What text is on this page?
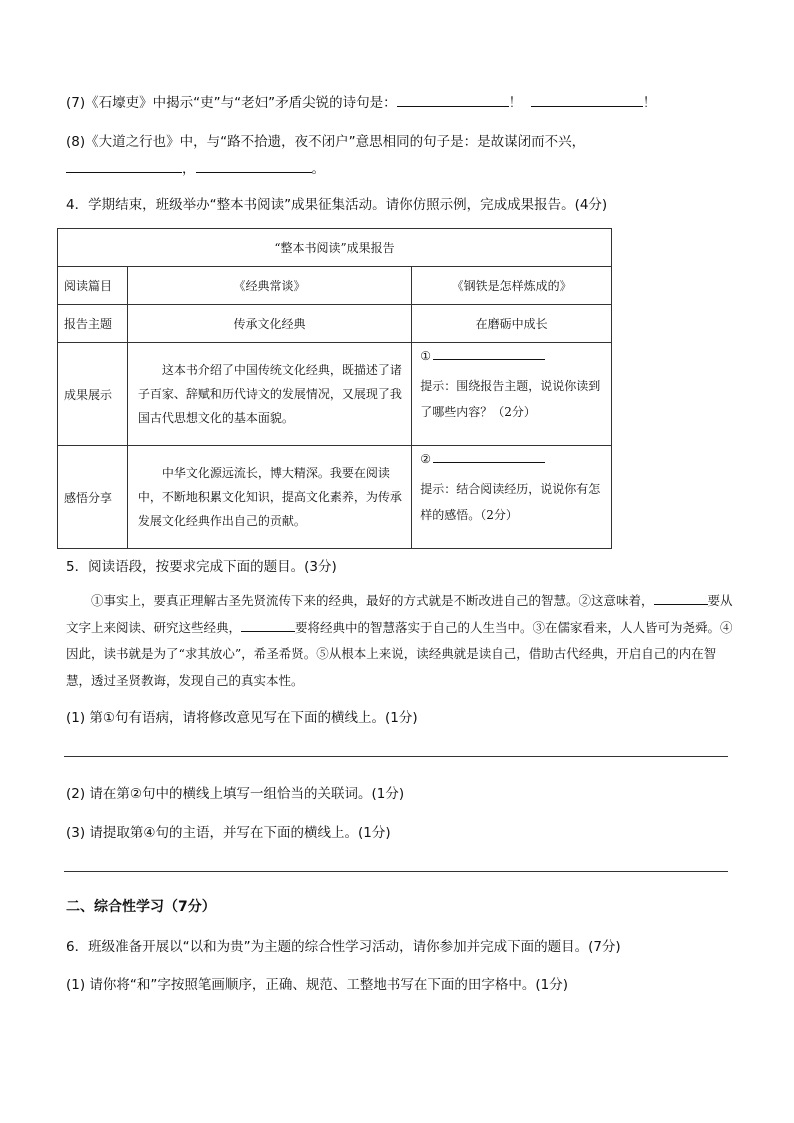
(7)《石壕吏》中揭示“吏”与“老妇”矛盾尖锐的诗句是：	！	！
(8)《大道之行也》中，与“路不拾遗，夜不闭户”意思相同的句子是：是故谋闭而不兴，
，	。
4．学期结束，班级举办“整本书阅读”成果征集活动。请你仿照示例，完成成果报告。(4分)
“整本书阅读”成果报告		
阅读篇目	《经典常谈》	《钢铁是怎样炼成的》
报告主题	传承文化经典	在磨砺中成长
成果展示	这本书介绍了中国传统文化经典，既描述了诸子百家、辞赋和历代诗文的发展情况，又展现了我国古代思想文化的基本面貌。	①
提示：围绕报告主题，说说你读到了哪些内容？（2分）

感悟分享	中华文化源远流长，博大精深。我要在阅读中，不断地积累文化知识，提高文化素养，为传承发展文化经典作出自己的贡献。	②
提示：结合阅读经历，说说你有怎样的感悟。（2分）
5．阅读语段，按要求完成下面的题目。(3分)
①事实上，要真正理解古圣先贤流传下来的经典，最好的方式就是不断改进自己的智慧。②这意味着，	要从文字上来阅读、研究这些经典，	要将经典中的智慧落实于自己的人生当中。③在儒家看来，人人皆可为尧舜。④因此，读书就是为了“求其放心”，希圣希贤。⑤从根本上来说，读经典就是读自己，借助古代经典，开启自己的内在智慧，透过圣贤教诲，发现自己的真实本性。
(1) 第①句有语病，请将修改意见写在下面的横线上。(1分)
(2) 请在第②句中的横线上填写一组恰当的关联词。(1分)
(3) 请提取第④句的主语，并写在下面的横线上。(1分)
二、综合性学习（7分）
6．班级准备开展以“以和为贵”为主题的综合性学习活动，请你参加并完成下面的题目。(7分)
(1) 请你将“和”字按照笔画顺序，正确、规范、工整地书写在下面的田字格中。(1分)
